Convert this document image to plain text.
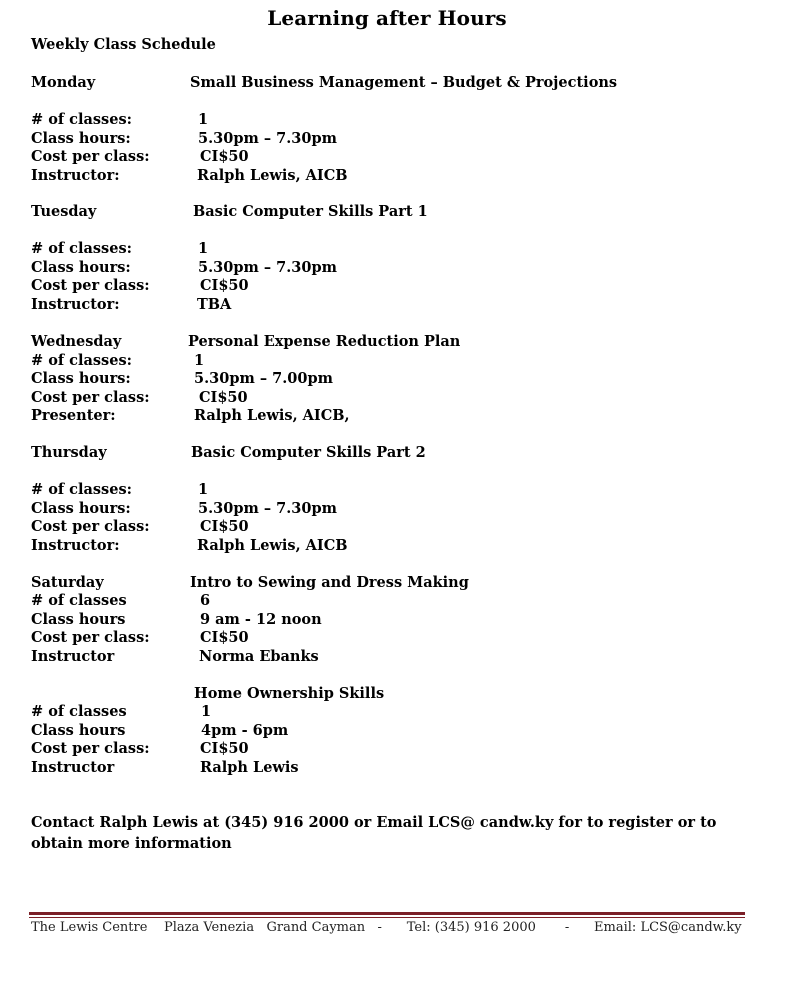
Learning after Hours
Weekly Class Schedule
Monday	Small Business Management – Budget & Projections
# of classes:	1
Class hours:	5.30pm – 7.30pm
Cost per class:	CI$50
Instructor:	Ralph Lewis, AICB
Tuesday	Basic Computer Skills Part 1
# of classes:	1
Class hours:	5.30pm – 7.30pm
Cost per class:	CI$50
Instructor:	TBA
Wednesday	Personal Expense Reduction Plan
# of classes:	1
Class hours:	5.30pm – 7.00pm
Cost per class:	CI$50
Presenter:	Ralph Lewis, AICB,
Thursday	Basic Computer Skills Part 2
# of classes:	1
Class hours:	5.30pm – 7.30pm
Cost per class:	CI$50
Instructor:	Ralph Lewis, AICB
Saturday	Intro to Sewing and Dress Making
# of classes	6
Class hours	9 am - 12 noon
Cost per class:	CI$50
Instructor	Norma Ebanks
Home Ownership Skills
# of classes	1
Class hours	4pm - 6pm
Cost per class:	CI$50
Instructor	Ralph Lewis
Contact Ralph Lewis at (345) 916 2000 or Email LCS@ candw.ky for to register or to obtain more information
The Lewis Centre Plaza Venezia   Grand Cayman - Tel: (345) 916 2000 - Email: LCS@candw.ky
